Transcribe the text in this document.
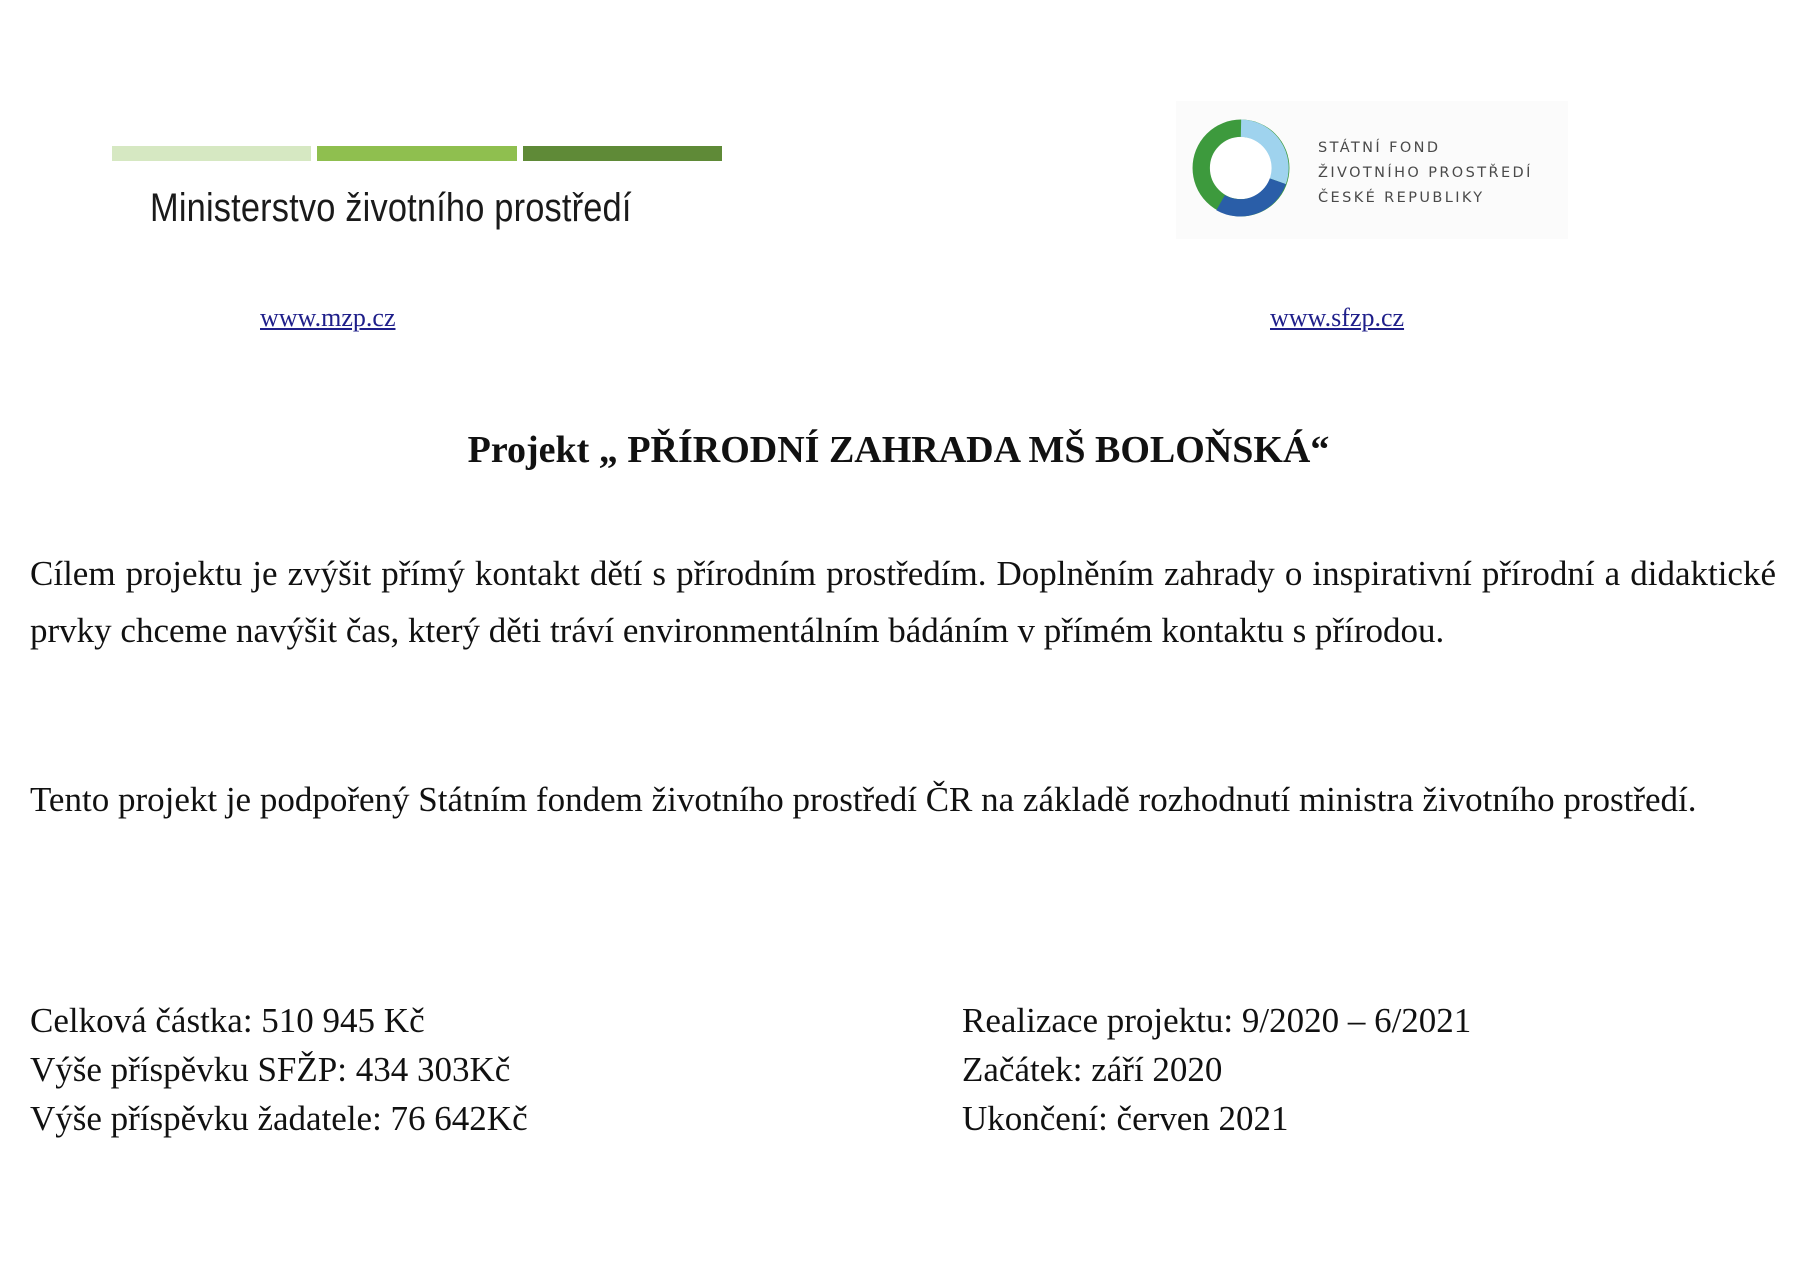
Ministerstvo životního prostředí
STÁTNÍ FOND
ŽIVOTNÍHO PROSTŘEDÍ
ČESKÉ REPUBLIKY
www.mzp.cz	www.sfzp.cz
Projekt „ PŘÍRODNÍ ZAHRADA MŠ BOLOŇSKÁ“
Cílem projektu je zvýšit přímý kontakt dětí s přírodním prostředím. Doplněním zahrady o inspirativní přírodní a didaktické prvky chceme navýšit čas, který děti tráví environmentálním bádáním v přímém kontaktu s přírodou.
Tento projekt je podpořený Státním fondem životního prostředí ČR na základě rozhodnutí ministra životního prostředí.
Celková částka: 510 945 Kč
Výše příspěvku SFŽP: 434 303Kč
Výše příspěvku žadatele: 76 642Kč
Realizace projektu: 9/2020 – 6/2021
Začátek: září 2020
Ukončení: červen 2021
